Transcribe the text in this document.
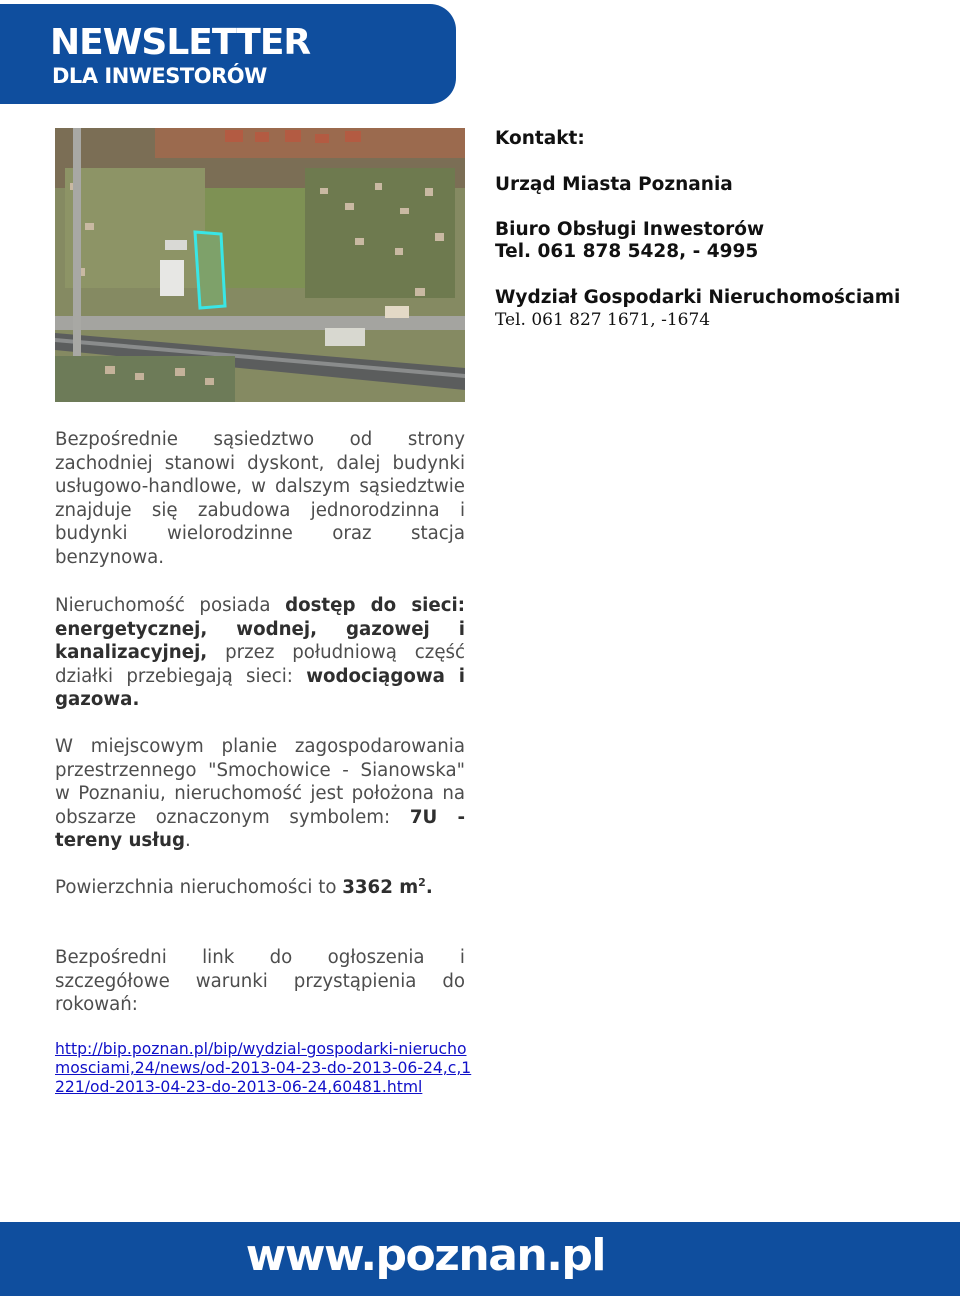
NEWSLETTER
DLA INWESTORÓW
Kontakt:
Urząd Miasta Poznania
Biuro Obsługi Inwestorów
Tel. 061 878 5428, - 4995
Wydział Gospodarki Nieruchomościami
Tel. 061 827 1671, -1674
Bezpośrednie sąsiedztwo od strony zachodniej stanowi dyskont, dalej budynki usługowo-handlowe, w dalszym sąsiedztwie znajduje się zabudowa jednorodzinna i budynki wielorodzinne oraz stacja benzynowa.
Nieruchomość posiada dostęp do sieci: energetycznej, wodnej, gazowej i kanalizacyjnej, przez południową część działki przebiegają sieci: wodociągowa i gazowa.
W miejscowym planie zagospodarowania przestrzennego "Smochowice - Sianowska" w Poznaniu, nieruchomość jest położona na obszarze oznaczonym symbolem: 7U - tereny usług.
Powierzchnia nieruchomości to 3362 $m^2$.
Bezpośredni link do ogłoszenia i szczegółowe warunki przystąpienia do rokowań:
http://bip.poznan.pl/bip/wydzial-gospodarki-nieruchomosciami,24/news/od-2013-04-23-do-2013-06-24,c,1221/od-2013-04-23-do-2013-06-24,60481.html
www.poznan.pl
